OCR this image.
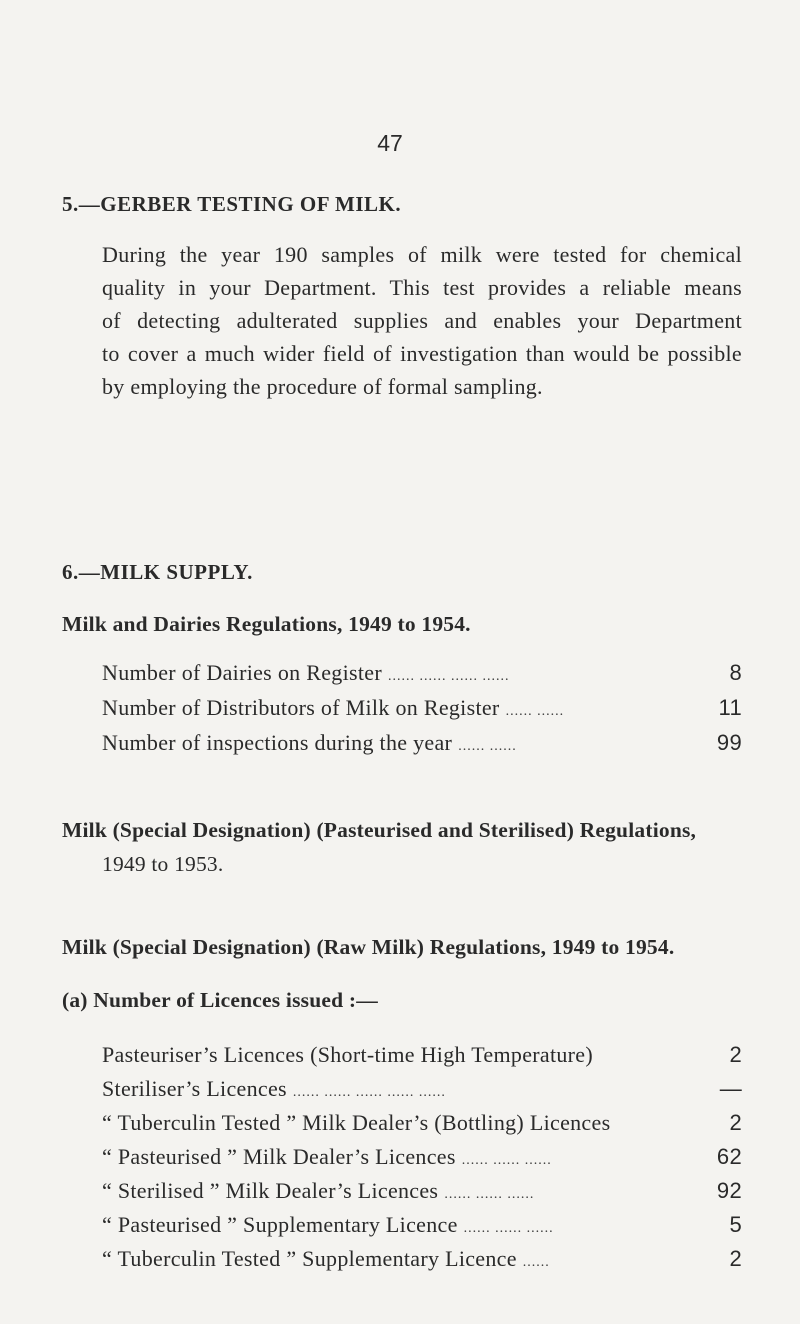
47
5.—GERBER TESTING OF MILK.
During the year 190 samples of milk were tested for chemical
quality in your Department. This test provides a reliable means
of detecting adulterated supplies and enables your Department
to cover a much wider field of investigation than would be possible
by employing the procedure of formal sampling.
6.—MILK SUPPLY.
Milk and Dairies Regulations, 1949 to 1954.
Number of Dairies on Register ...... ...... ...... ......	8
Number of Distributors of Milk on Register ...... ......	11
Number of inspections during the year ...... ......	99
Milk (Special Designation) (Pasteurised and Sterilised) Regulations,
1949 to 1953.
Milk (Special Designation) (Raw Milk) Regulations, 1949 to 1954.
(a) Number of Licences issued :—
Pasteuriser’s Licences (Short-time High Temperature)	2
Steriliser’s Licences ...... ...... ...... ...... ......	—
“ Tuberculin Tested ” Milk Dealer’s (Bottling) Licences	2
“ Pasteurised ” Milk Dealer’s Licences ...... ...... ......	62
“ Sterilised ” Milk Dealer’s Licences ...... ...... ......	92
“ Pasteurised ” Supplementary Licence ...... ...... ......	5
“ Tuberculin Tested ” Supplementary Licence ......	2
